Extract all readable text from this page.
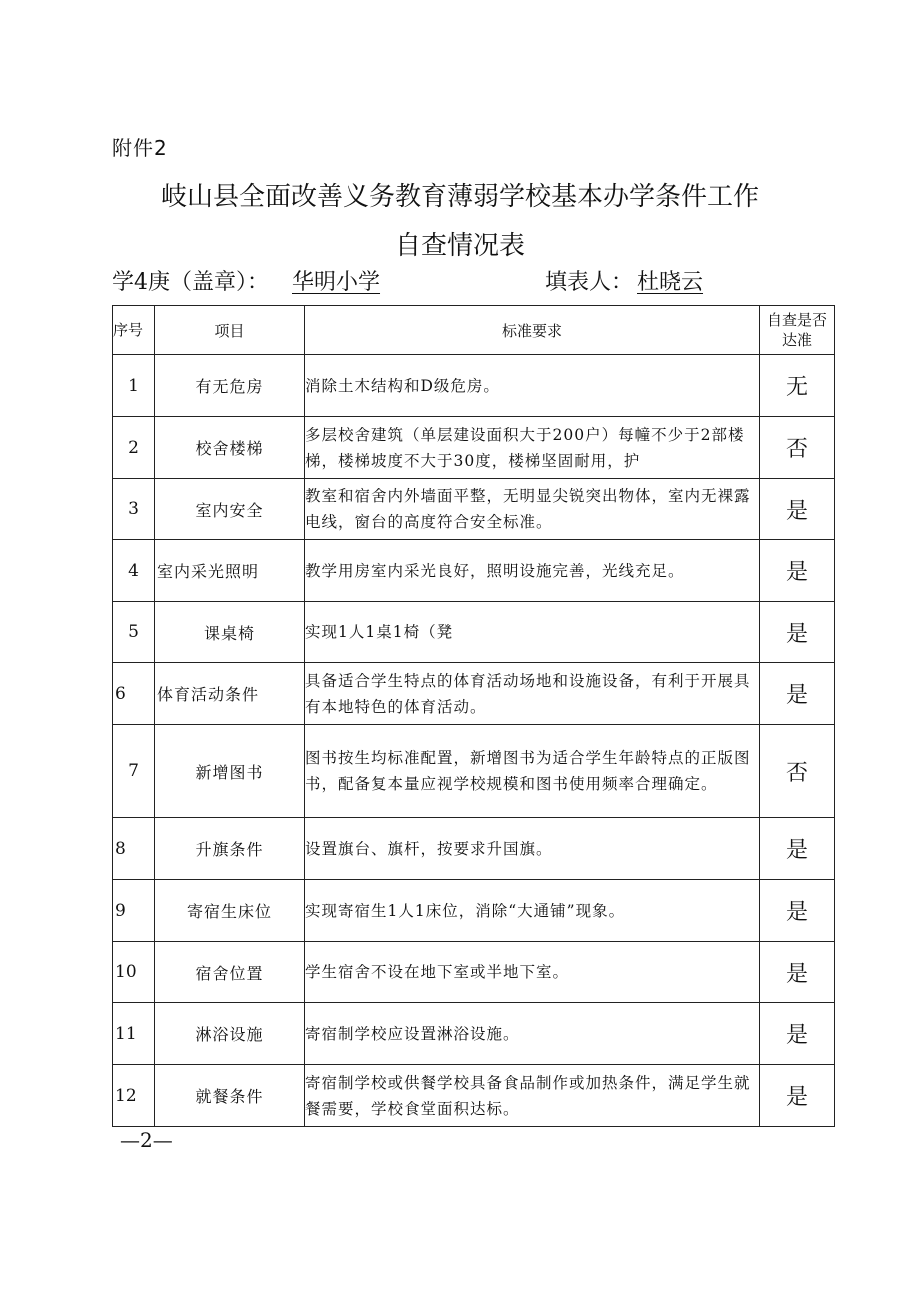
附件2
岐山县全面改善义务教育薄弱学校基本办学条件工作
自查情况表
学4庚（盖章）： 华明小学	填表人： 杜晓云
序号	项目	标准要求	自查是否达准
1	有无危房	消除土木结构和D级危房。	无
2	校舍楼梯	多层校舍建筑（单层建设面积大于200户）每幢不少于2部楼梯，楼梯坡度不大于30度，楼梯坚固耐用，护	否
3	室内安全	教室和宿舍内外墙面平整，无明显尖锐突出物体，室内无裸露电线，窗台的高度符合安全标准。	是
4	室内采光照明	教学用房室内采光良好，照明设施完善，光线充足。	是
5	课桌椅	实现1人1桌1椅（凳	是
6	体育活动条件	具备适合学生特点的体育活动场地和设施设备，有利于开展具有本地特色的体育活动。	是
7	新增图书	图书按生均标准配置，新增图书为适合学生年龄特点的正版图书，配备复本量应视学校规模和图书使用频率合理确定。	否
8	升旗条件	设置旗台、旗杆，按要求升国旗。	是
9	寄宿生床位	实现寄宿生1人1床位，消除“大通铺”现象。	是
10	宿舍位置	学生宿舍不设在地下室或半地下室。	是
11	淋浴设施	寄宿制学校应设置淋浴设施。	是
12	就餐条件	寄宿制学校或供餐学校具备食品制作或加热条件，满足学生就餐需要，学校食堂面积达标。	是
—2—
